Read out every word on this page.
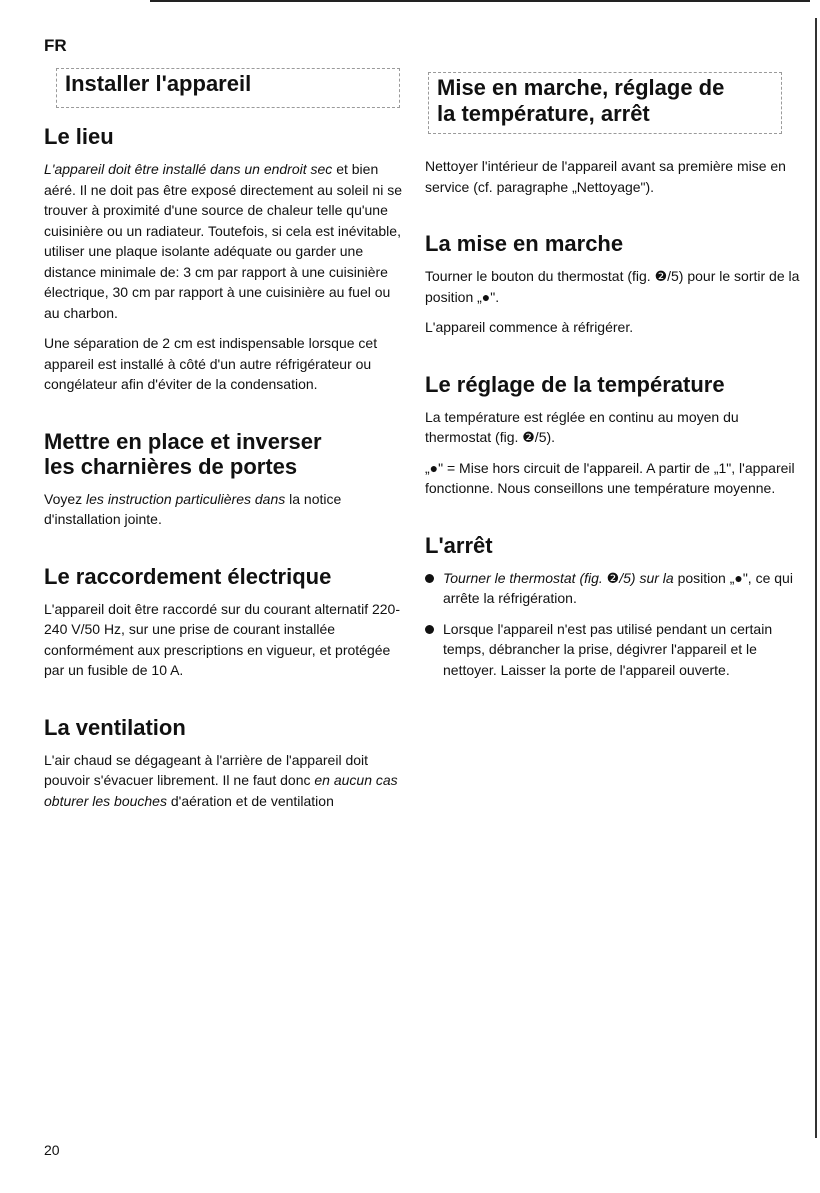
FR
Installer l'appareil	Mise en marche, réglage de
la température, arrêt
Le lieu

L'appareil doit être installé dans un endroit sec et bien aéré. Il ne doit pas être exposé directement au soleil ni se trouver à proximité d'une source de chaleur telle qu'une cuisinière ou un radiateur. Toutefois, si cela est inévitable, utiliser une plaque isolante adéquate ou garder une distance minimale de: 3 cm par rapport à une cuisinière électrique, 30 cm par rapport à une cuisinière au fuel ou au charbon.

Une séparation de 2 cm est indispensable lorsque cet appareil est installé à côté d'un autre réfrigérateur ou congélateur afin d'éviter de la condensation.

Mettre en place et inverser
les charnières de portes

Voyez les instruction particulières dans la notice d'installation jointe.

Le raccordement électrique

L'appareil doit être raccordé sur du courant alternatif 220-240 V/50 Hz, sur une prise de courant installée conformément aux prescriptions en vigueur, et protégée par un fusible de 10 A.

La ventilation

L'air chaud se dégageant à l'arrière de l'appareil doit pouvoir s'évacuer librement. Il ne faut donc en aucun cas obturer les bouches d'aération et de ventilation

Nettoyer l'intérieur de l'appareil avant sa première mise en service (cf. paragraphe „Nettoyage").

La mise en marche

Tourner le bouton du thermostat (fig. ❷/5) pour le sortir de la position „●".

L'appareil commence à réfrigérer.

Le réglage de la température

La température est réglée en continu au moyen du thermostat (fig. ❷/5).

„●" = Mise hors circuit de l'appareil. A partir de „1", l'appareil fonctionne. Nous conseillons une température moyenne.

L'arrêt
Tourner le thermostat (fig. ❷/5) sur la position „●", ce qui arrête la réfrigération.
Lorsque l'appareil n'est pas utilisé pendant un certain temps, débrancher la prise, dégivrer l'appareil et le nettoyer. Laisser la porte de l'appareil ouverte.
20
